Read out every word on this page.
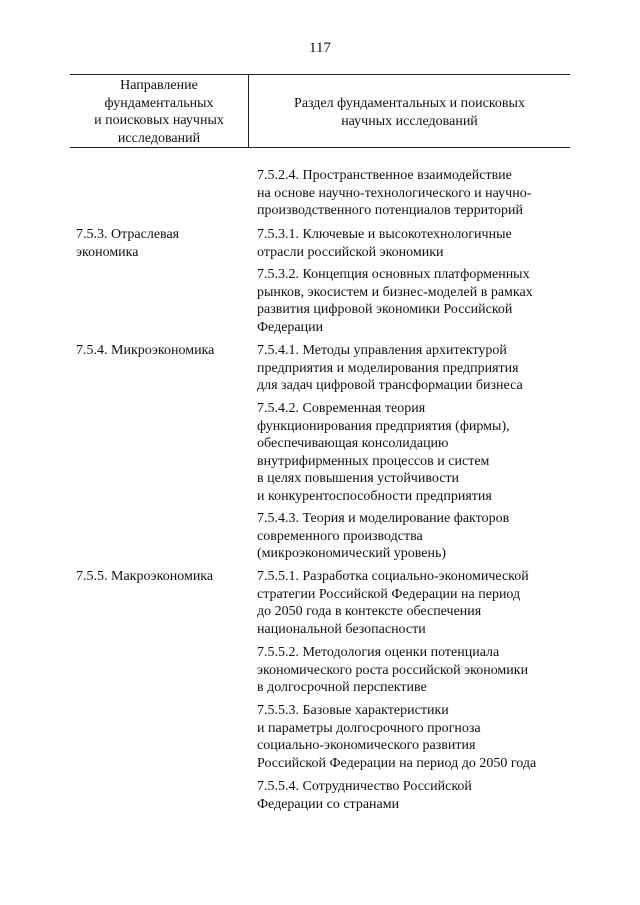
117
Направление
фундаментальных
и поисковых научных
исследований
Раздел фундаментальных и поисковых
научных исследований
7.5.2.4. Пространственное взаимодействие
на основе научно-технологического и научно-
производственного потенциалов территорий
7.5.3. Отраслевая
экономика
7.5.3.1. Ключевые и высокотехнологичные
отрасли российской экономики
7.5.3.2. Концепция основных платформенных
рынков, экосистем и бизнес-моделей в рамках
развития цифровой экономики Российской
Федерации
7.5.4. Микроэкономика	7.5.4.1. Методы управления архитектурой
предприятия и моделирования предприятия
для задач цифровой трансформации бизнеса
7.5.4.2. Современная теория
функционирования предприятия (фирмы),
обеспечивающая консолидацию
внутрифирменных процессов и систем
в целях повышения устойчивости
и конкурентоспособности предприятия
7.5.4.3. Теория и моделирование факторов
современного производства
(микроэкономический уровень)
7.5.5. Макроэкономика	7.5.5.1. Разработка социально-экономической
стратегии Российской Федерации на период
до 2050 года в контексте обеспечения
национальной безопасности
7.5.5.2. Методология оценки потенциала
экономического роста российской экономики
в долгосрочной перспективе
7.5.5.3. Базовые характеристики
и параметры долгосрочного прогноза
социально-экономического развития
Российской Федерации на период до 2050 года
7.5.5.4. Сотрудничество Российской
Федерации со странами
